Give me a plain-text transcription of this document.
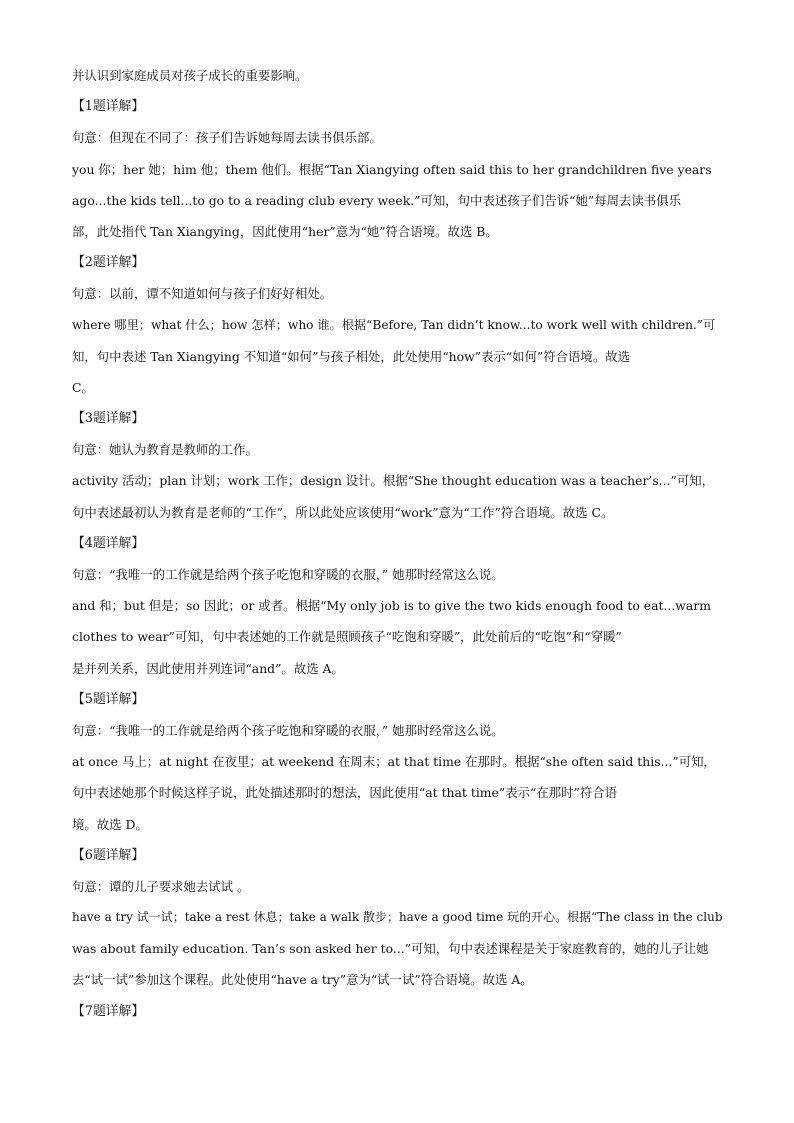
并认识到家庭成员对孩子成长的重要影响。
【1题详解】
句意：但现在不同了：孩子们告诉她每周去读书俱乐部。
you 你；her 她；him 他；them 他们。根据“Tan Xiangying often said this to her grandchildren five years
ago...the kids tell...to go to a reading club every week.”可知，句中表述孩子们告诉“她”每周去读书俱乐
部，此处指代 Tan Xiangying，因此使用“her”意为“她”符合语境。故选 B。
【2题详解】
句意：以前，谭不知道如何与孩子们好好相处。
where 哪里；what 什么；how 怎样；who 谁。根据“Before, Tan didn’t know...to work well with children.”可
知，句中表述 Tan Xiangying 不知道“如何”与孩子相处，此处使用“how”表示“如何”符合语境。故选
C。
【3题详解】
句意：她认为教育是教师的工作。
activity 活动；plan 计划；work 工作；design 设计。根据“She thought education was a teacher’s...”可知，
句中表述最初认为教育是老师的“工作”，所以此处应该使用“work”意为“工作”符合语境。故选 C。
【4题详解】
句意：“我唯一的工作就是给两个孩子吃饱和穿暖的衣服，” 她那时经常这么说。
and 和；but 但是；so 因此；or 或者。根据“My only job is to give the two kids enough food to eat...warm
clothes to wear”可知，句中表述她的工作就是照顾孩子“吃饱和穿暖”，此处前后的“吃饱”和“穿暖”
是并列关系，因此使用并列连词“and”。故选 A。
【5题详解】
句意：“我唯一的工作就是给两个孩子吃饱和穿暖的衣服，” 她那时经常这么说。
at once 马上；at night 在夜里；at weekend 在周末；at that time 在那时。根据“she often said this...”可知，
句中表述她那个时候这样子说，此处描述那时的想法，因此使用“at that time”表示“在那时”符合语
境。故选 D。
【6题详解】
句意：谭的儿子要求她去试试 。
have a try 试一试；take a rest 休息；take a walk 散步；have a good time 玩的开心。根据“The class in the club
was about family education. Tan’s son asked her to...”可知，句中表述课程是关于家庭教育的，她的儿子让她
去“试一试”参加这个课程。此处使用“have a try”意为“试一试”符合语境。故选 A。
【7题详解】
